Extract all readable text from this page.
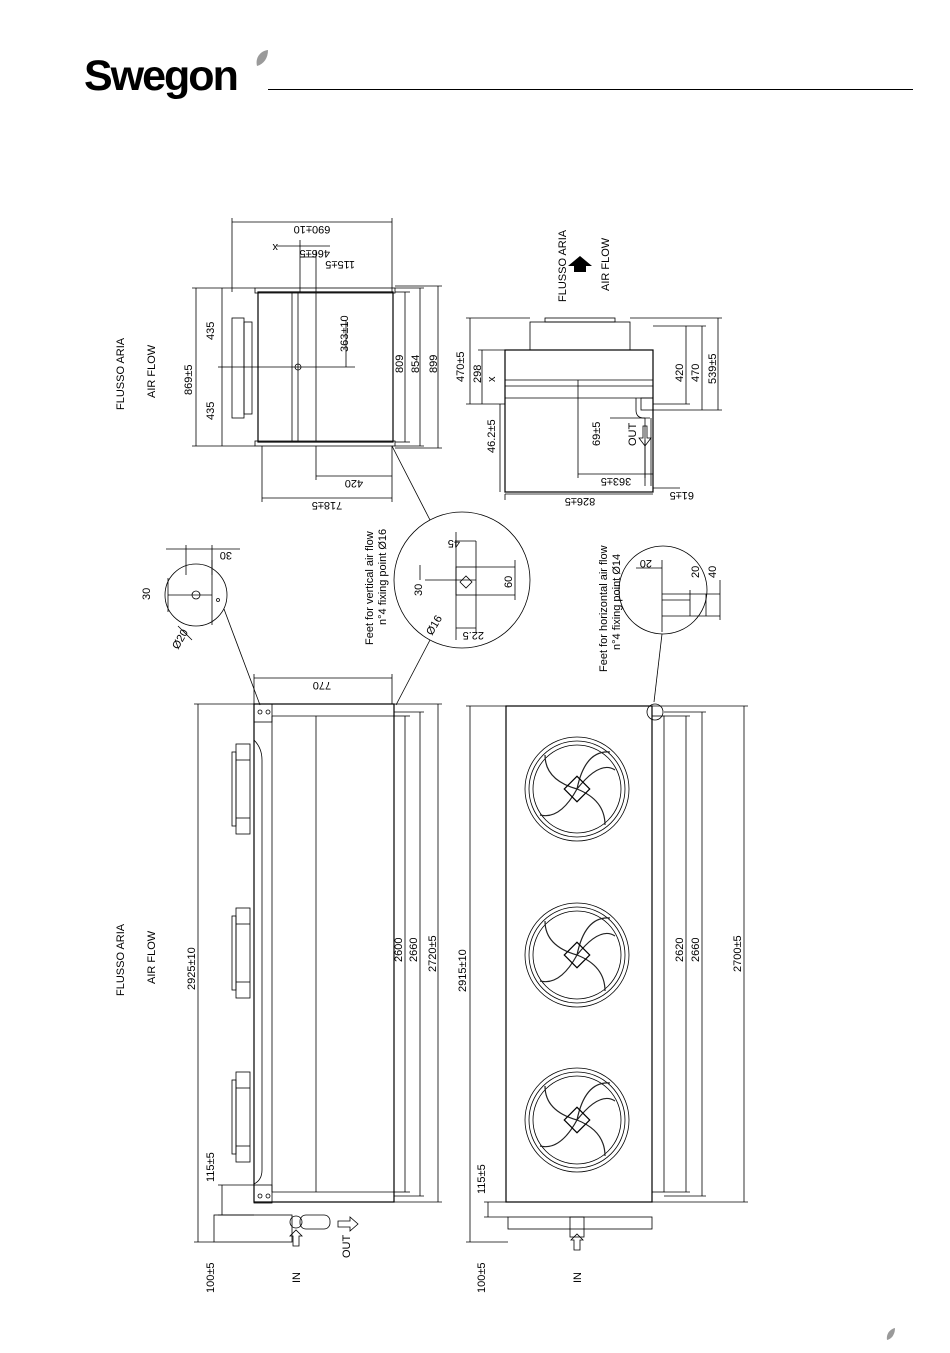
Swegon
690±10
466±5
x
115±5
435
435
869±5
363±10
809 854 899
420
718±5
FLUSSO ARIA AIR FLOW	470±5 298 x
46.2±5	69±5 OUT
420 470 539±5
363±5
826±5	61±5
FLUSSO ARIA	AIR FLOW
30
30
Ø20
45
30
60
Ø16 22.5
Feet for vertical air flow n°4 fixing point Ø16	20
20 40
Feet for horizontal air flow n°4 fixing point Ø14
770
2925±10	2600 2660 2720±5
115±5
100±5	IN
OUT
FLUSSO ARIA AIR FLOW	2915±10	2620 2660	2700±5
115±5
100±5	IN
